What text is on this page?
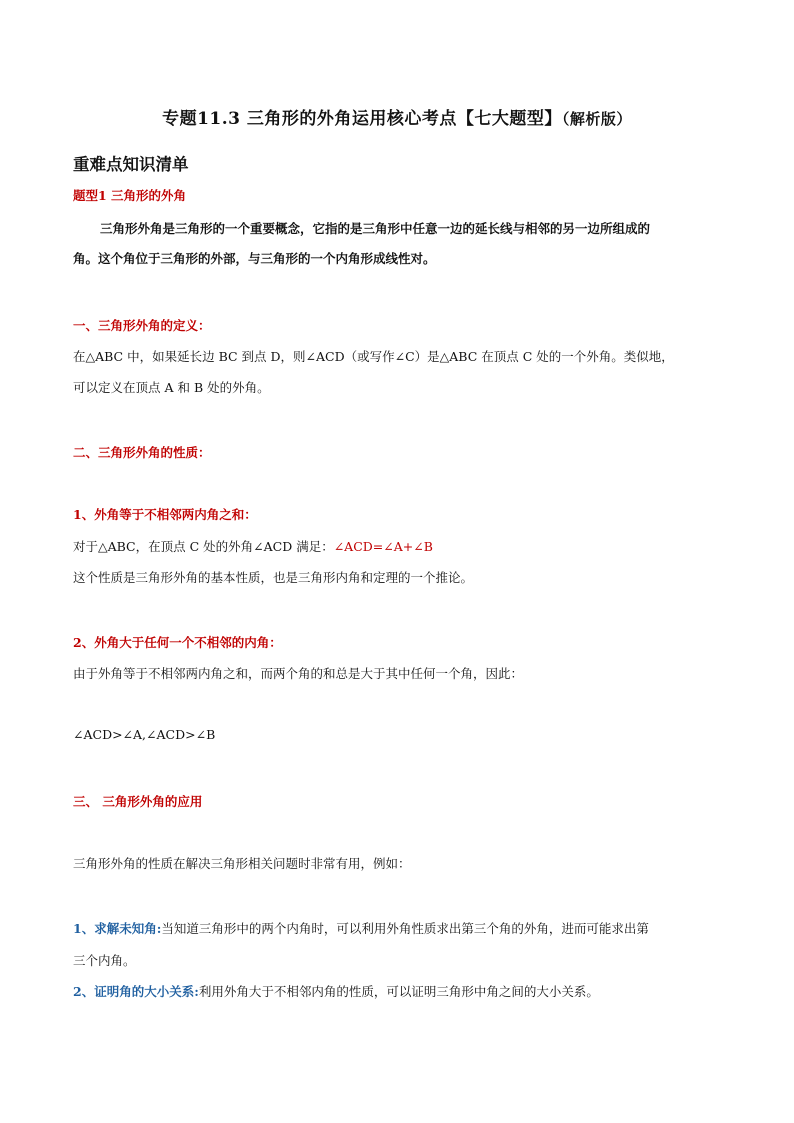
专题11.3 三角形的外角运用核心考点【七大题型】（解析版）
重难点知识清单
题型1 三角形的外角
三角形外角是三角形的一个重要概念，它指的是三角形中任意一边的延长线与相邻的另一边所组成的
角。这个角位于三角形的外部，与三角形的一个内角形成线性对。
一、三角形外角的定义：
在△ABC 中，如果延长边 BC 到点 D，则∠ACD（或写作∠C）是△ABC 在顶点 C 处的一个外角。类似地，
可以定义在顶点 A 和 B 处的外角。
二、三角形外角的性质：
1、外角等于不相邻两内角之和：
对于△ABC，在顶点 C 处的外角∠ACD 满足：∠ACD=∠A+∠B
这个性质是三角形外角的基本性质，也是三角形内角和定理的一个推论。
2、外角大于任何一个不相邻的内角：
由于外角等于不相邻两内角之和，而两个角的和总是大于其中任何一个角，因此：
∠ACD>∠A,∠ACD>∠B
三、 三角形外角的应用
三角形外角的性质在解决三角形相关问题时非常有用，例如：
1、求解未知角:当知道三角形中的两个内角时，可以利用外角性质求出第三个角的外角，进而可能求出第
三个内角。
2、证明角的大小关系:利用外角大于不相邻内角的性质，可以证明三角形中角之间的大小关系。
